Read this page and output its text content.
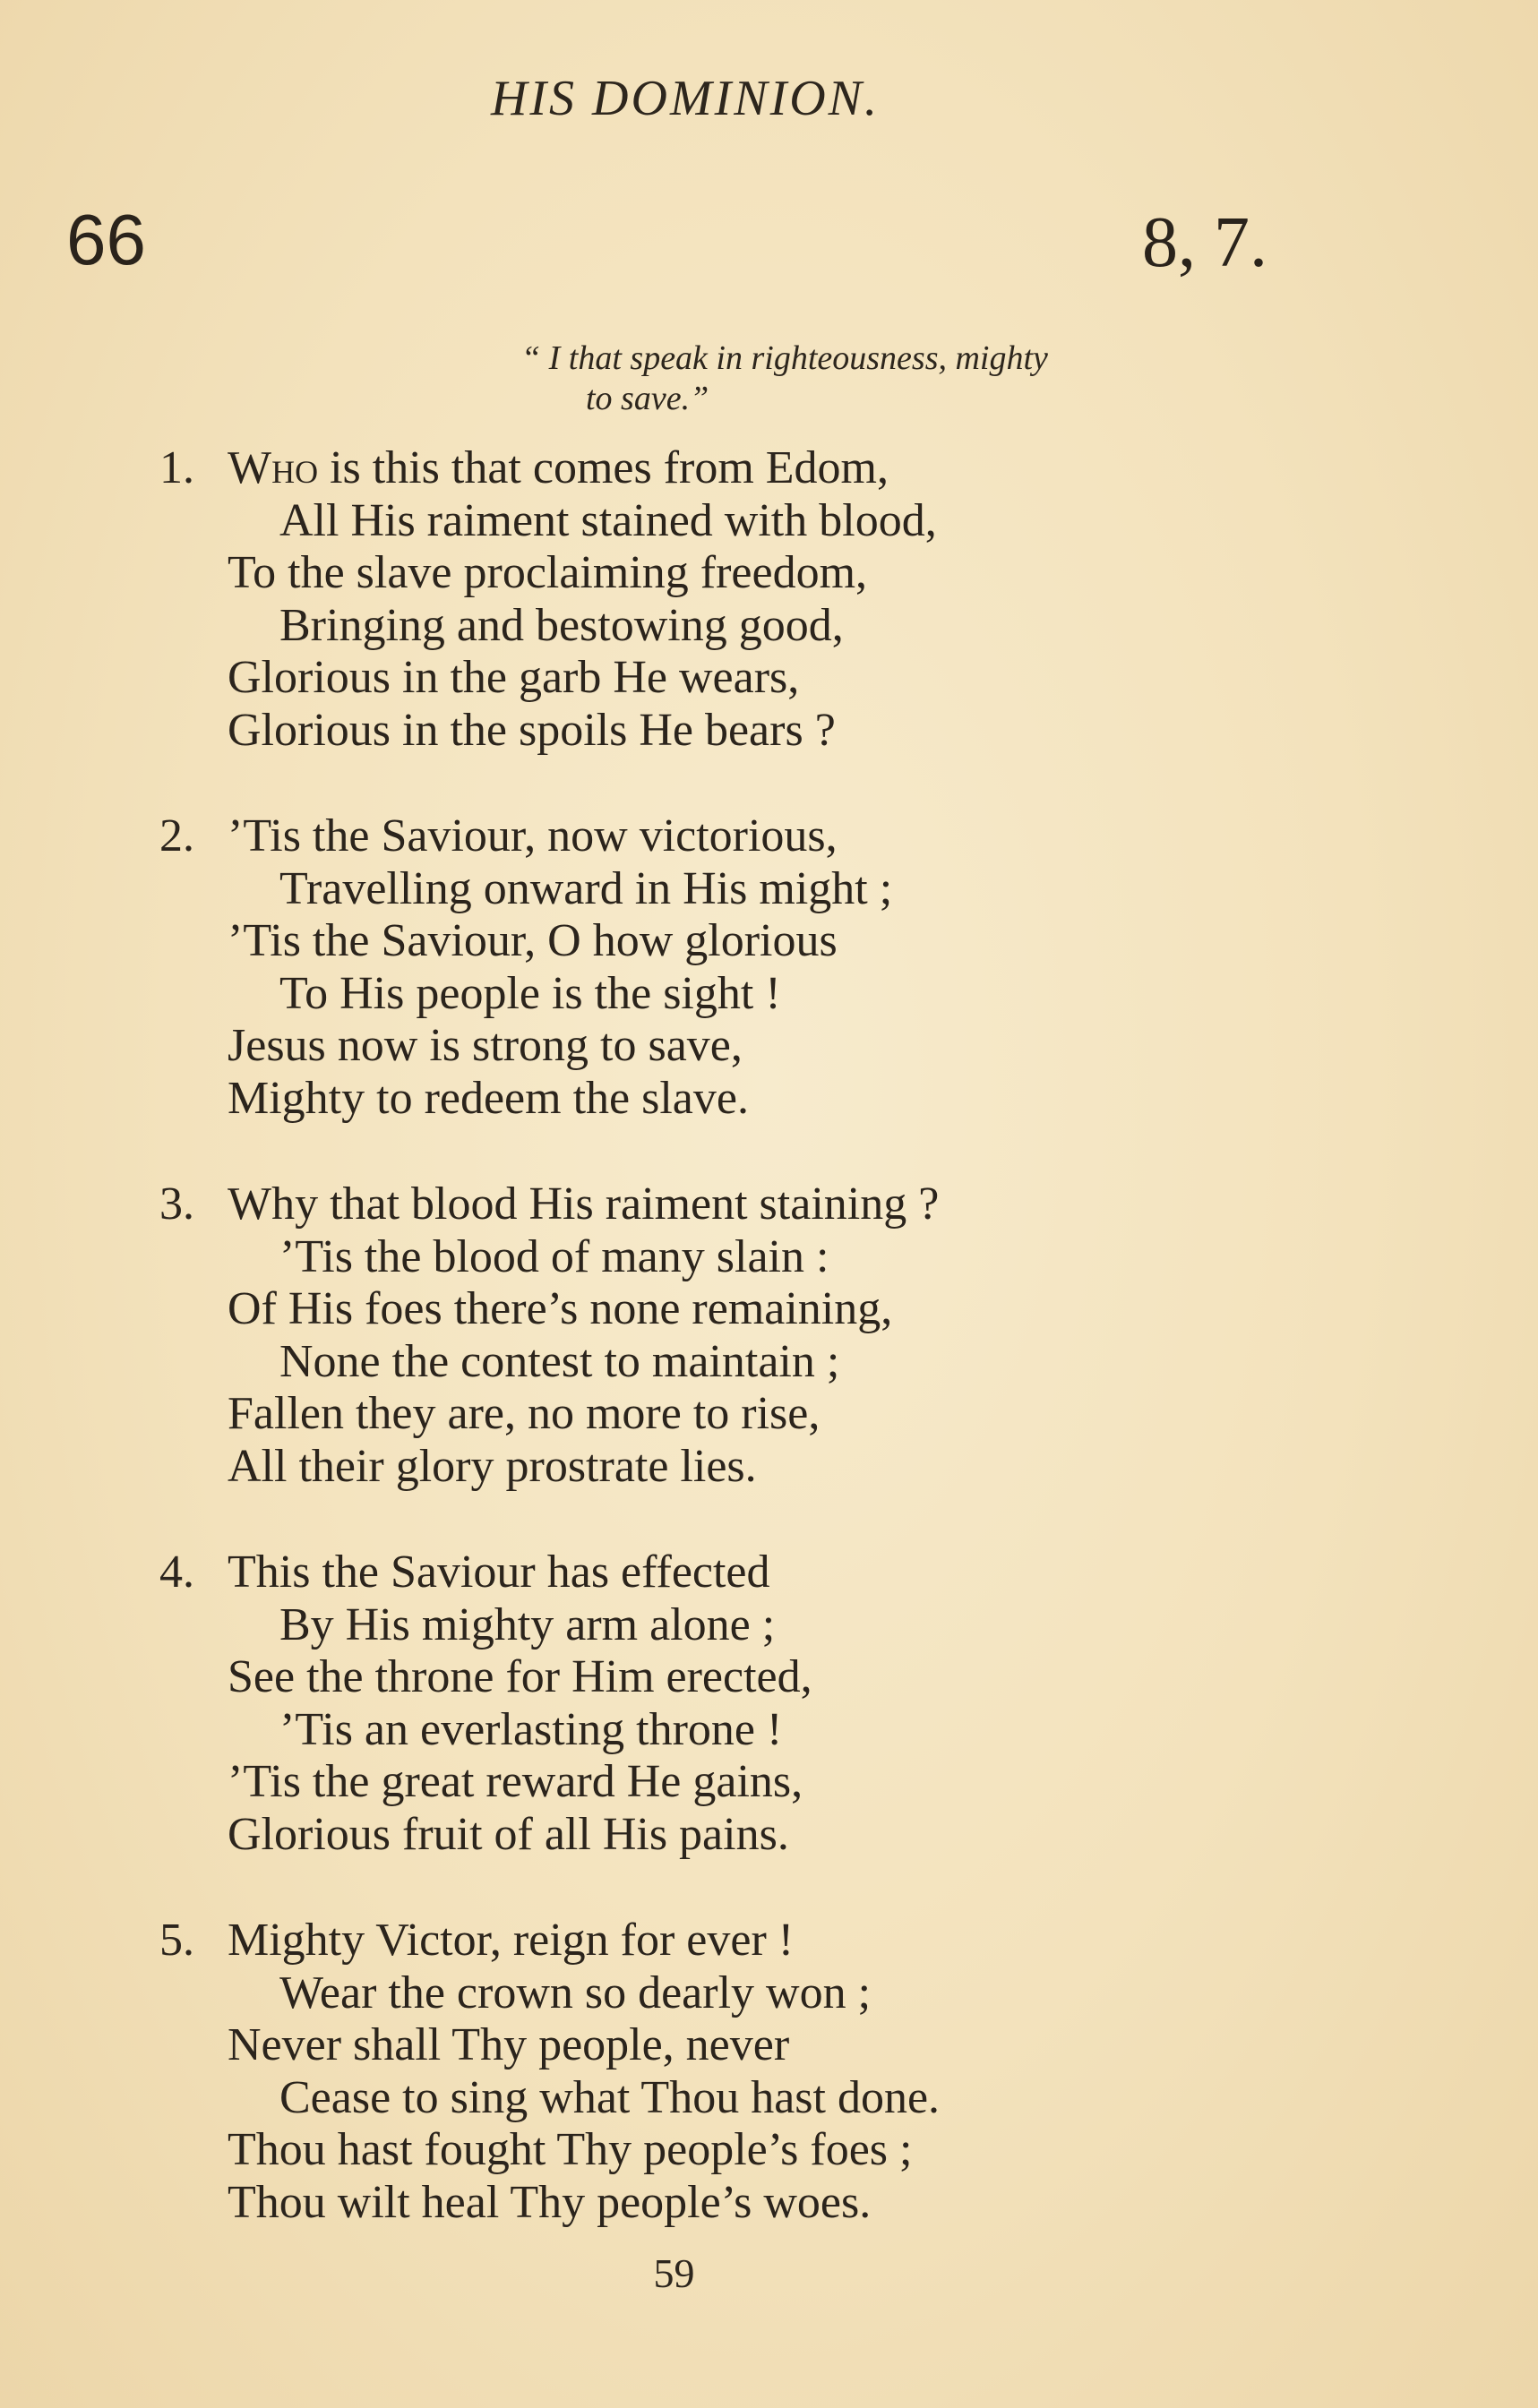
HIS DOMINION.
66	8, 7.
“ I that speak in righteousness, mighty
to save.”
1. Who is this that comes from Edom,
All His raiment stained with blood,
To the slave proclaiming freedom,
Bringing and bestowing good,
Glorious in the garb He wears,
Glorious in the spoils He bears ?
2. ’Tis the Saviour, now victorious,
Travelling onward in His might ;
’Tis the Saviour, O how glorious
To His people is the sight !
Jesus now is strong to save,
Mighty to redeem the slave.
3. Why that blood His raiment staining ?
’Tis the blood of many slain :
Of His foes there’s none remaining,
None the contest to maintain ;
Fallen they are, no more to rise,
All their glory prostrate lies.
4. This the Saviour has effected
By His mighty arm alone ;
See the throne for Him erected,
’Tis an everlasting throne !
’Tis the great reward He gains,
Glorious fruit of all His pains.
5. Mighty Victor, reign for ever !
Wear the crown so dearly won ;
Never shall Thy people, never
Cease to sing what Thou hast done.
Thou hast fought Thy people’s foes ;
Thou wilt heal Thy people’s woes.
59
